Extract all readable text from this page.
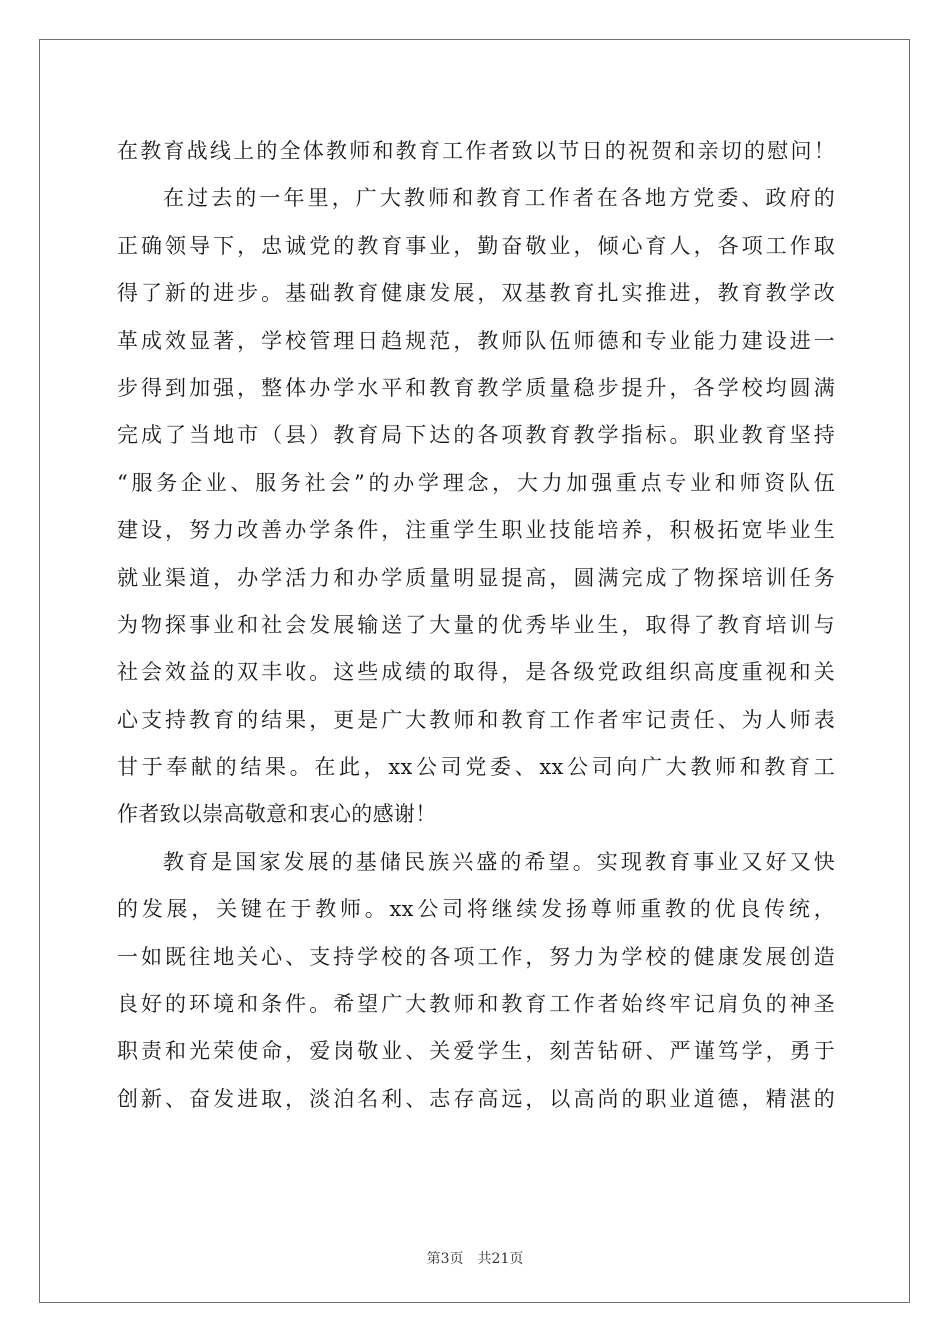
在教育战线上的全体教师和教育工作者致以节日的祝贺和亲切的慰问！
在过去的一年里，广大教师和教育工作者在各地方党委、政府的
正确领导下，忠诚党的教育事业，勤奋敬业，倾心育人，各项工作取
得了新的进步。基础教育健康发展，双基教育扎实推进，教育教学改
革成效显著，学校管理日趋规范，教师队伍师德和专业能力建设进一
步得到加强，整体办学水平和教育教学质量稳步提升，各学校均圆满
完成了当地市（县）教育局下达的各项教育教学指标。职业教育坚持
“服务企业、服务社会”的办学理念，大力加强重点专业和师资队伍
建设，努力改善办学条件，注重学生职业技能培养，积极拓宽毕业生
就业渠道，办学活力和办学质量明显提高，圆满完成了物探培训任务
为物探事业和社会发展输送了大量的优秀毕业生，取得了教育培训与
社会效益的双丰收。这些成绩的取得，是各级党政组织高度重视和关
心支持教育的结果，更是广大教师和教育工作者牢记责任、为人师表
甘于奉献的结果。在此，xx公司党委、xx公司向广大教师和教育工
作者致以崇高敬意和衷心的感谢！
教育是国家发展的基储民族兴盛的希望。实现教育事业又好又快
的发展，关键在于教师。xx公司将继续发扬尊师重教的优良传统，
一如既往地关心、支持学校的各项工作，努力为学校的健康发展创造
良好的环境和条件。希望广大教师和教育工作者始终牢记肩负的神圣
职责和光荣使命，爱岗敬业、关爱学生，刻苦钻研、严谨笃学，勇于
创新、奋发进取，淡泊名利、志存高远，以高尚的职业道德，精湛的
第3页 共21页
